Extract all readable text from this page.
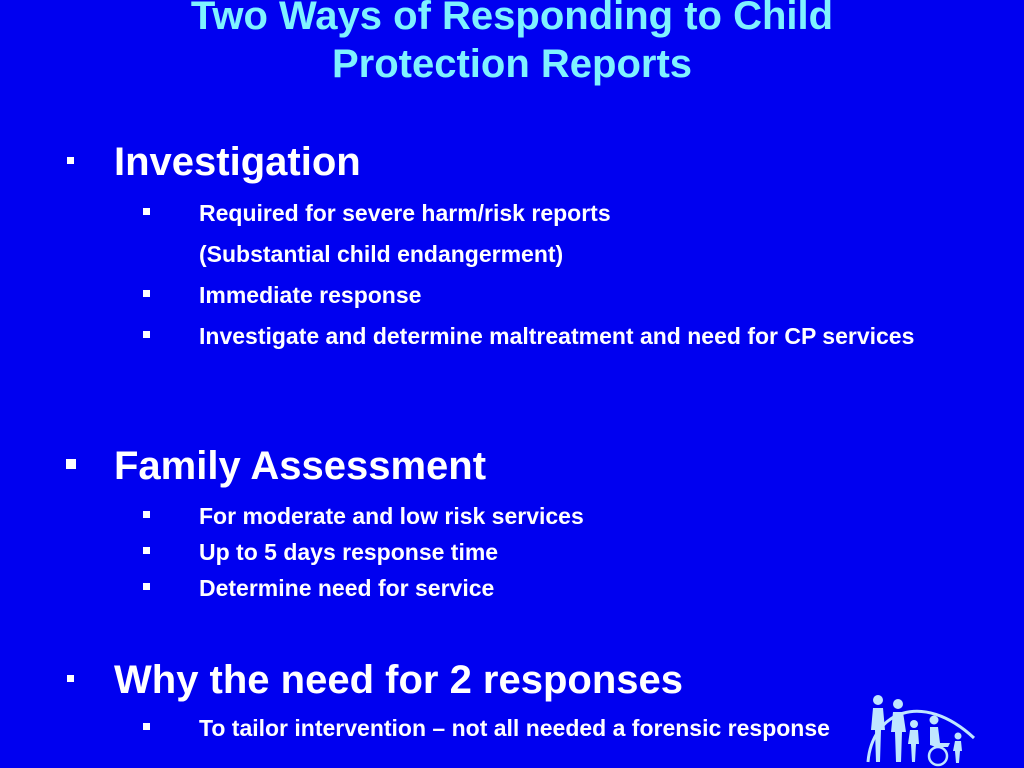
Two Ways of Responding to Child
Protection Reports
Investigation
Required for severe harm/risk reports
(Substantial child endangerment)
Immediate response
Investigate and determine maltreatment and need for CP services
Family Assessment
For moderate and low risk services
Up to 5 days response time
Determine need for service
Why the need for 2 responses
To tailor intervention – not all needed a forensic response
